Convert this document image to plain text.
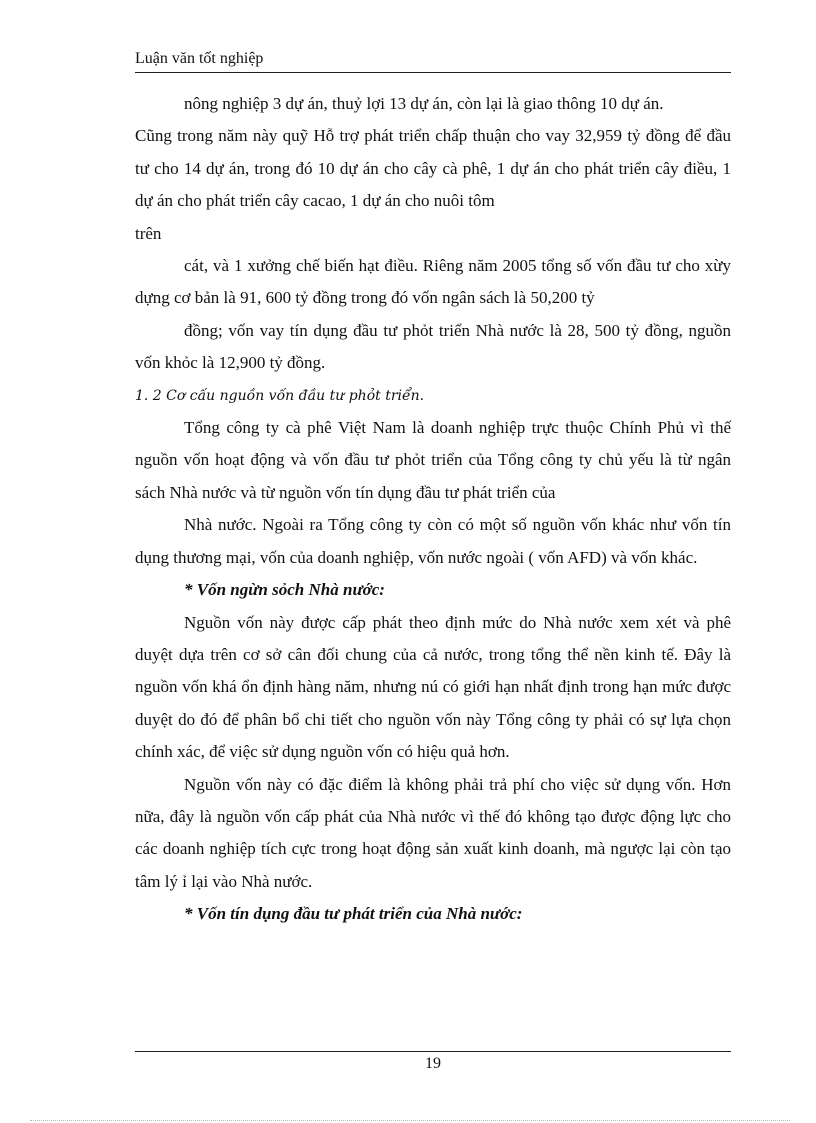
Luận văn tốt nghiệp

nông nghiệp 3 dự án, thuỷ lợi 13 dự án, còn lại là giao thông 10 dự án.

Cũng trong năm này quỹ Hỗ trợ phát triển chấp thuận cho vay 32,959 tỷ đồng để đầu tư cho 14 dự án, trong đó 10 dự án cho cây cà phê, 1 dự án cho phát triển cây điều, 1 dự án cho phát triển cây cacao, 1 dự án cho nuôi tôm

trên

cát, và 1 xưởng chế biến hạt điều. Riêng năm 2005 tổng số vốn đầu tư cho xừy dựng cơ bản là 91, 600 tỷ đồng trong đó vốn ngân sách là 50,200 tỷ

đồng; vốn vay tín dụng đầu tư phỏt triển Nhà nước là 28, 500 tỷ đồng, nguồn vốn khỏc là 12,900 tỷ đồng.

1. 2 Cơ cấu nguồn vốn đầu tư phỏt triển.

Tổng công ty cà phê Việt Nam là doanh nghiệp trực thuộc Chính Phủ vì thế nguồn vốn hoạt động và vốn đầu tư phỏt triển của Tổng công ty chủ yếu là từ ngân sách Nhà nước và từ nguồn vốn tín dụng đầu tư phát triển của

Nhà nước. Ngoài ra Tổng công ty còn có một số nguồn vốn khác như vốn tín dụng thương mại, vốn của doanh nghiệp, vốn nước ngoài ( vốn AFD) và vốn khác.

* Vốn ngừn sỏch Nhà nước:

Nguồn vốn này được cấp phát theo định mức do Nhà nước xem xét và phê duyệt dựa trên cơ sở cân đối chung của cả nước, trong tổng thể nền kinh tế. Đây là nguồn vốn khá ổn định hàng năm, nhưng nú có giới hạn nhất định trong hạn mức được duyệt do đó để phân bổ chi tiết cho nguồn vốn này Tổng công ty phải có sự lựa chọn chính xác, để việc sử dụng nguồn vốn có hiệu quả hơn.

Nguồn vốn này có đặc điểm là không phải trả phí cho việc sử dụng vốn. Hơn nữa, đây là nguồn vốn cấp phát của Nhà nước vì thế đó không tạo được động lực cho các doanh nghiệp tích cực trong hoạt động sản xuất kinh doanh, mà ngược lại còn tạo tâm lý ỉ lại vào Nhà nước.

* Vốn tín dụng đầu tư phát triển của Nhà nước:

19
